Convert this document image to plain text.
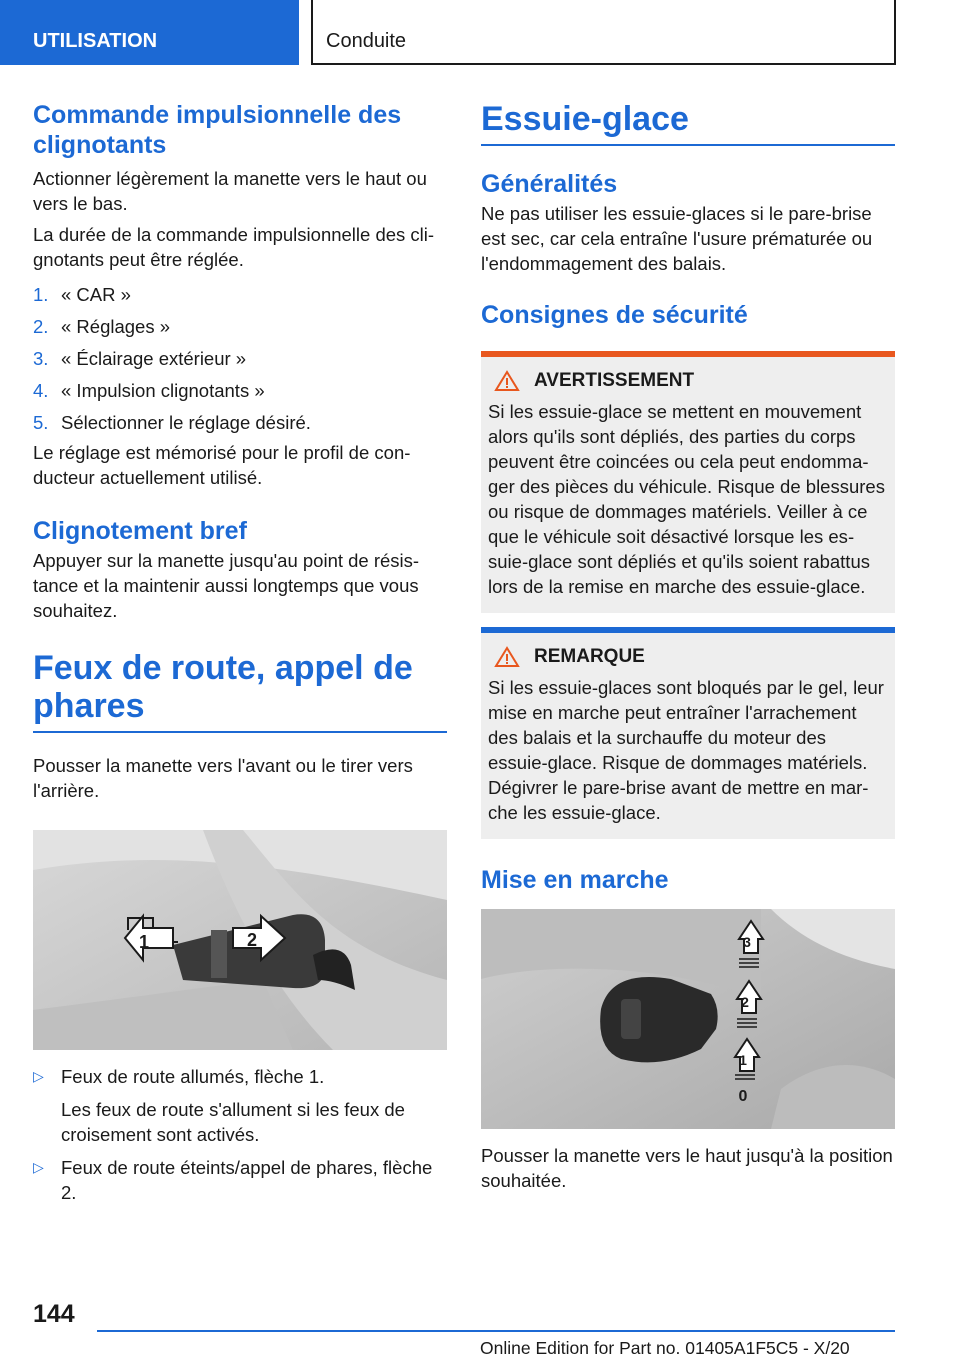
UTILISATION	Conduite
Commande impulsionnelle des clignotants

Actionner légèrement la manette vers le haut ou vers le bas.

La durée de la commande impulsionnelle des clignotants peut être réglée.

1. « CAR »
2. « Réglages »
3. « Éclairage extérieur »
4. « Impulsion clignotants »
5. Sélectionner le réglage désiré.

Le réglage est mémorisé pour le profil de conducteur actuellement utilisé.

Clignotement bref

Appuyer sur la manette jusqu'au point de résistance et la maintenir aussi longtemps que vous souhaitez.

Feux de route, appel de phares

Pousser la manette vers l'avant ou le tirer vers l'arrière.

1	2
▷ Feux de route allumés, flèche 1.
Les feux de route s'allument si les feux de croisement sont activés.
▷ Feux de route éteints/appel de phares, flèche 2.
Essuie-glace
Généralités

Ne pas utiliser les essuie-glaces si le pare-brise est sec, car cela entraîne l'usure prématurée ou l'endommagement des balais.

Consignes de sécurité
AVERTISSEMENT

Si les essuie-glace se mettent en mouvement alors qu'ils sont dépliés, des parties du corps peuvent être coincées ou cela peut endommager des pièces du véhicule. Risque de blessures ou risque de dommages matériels. Veiller à ce que le véhicule soit désactivé lorsque les essuie-glace sont dépliés et qu'ils soient rabattus lors de la remise en marche des essuie-glace.

REMARQUE

Si les essuie-glaces sont bloqués par le gel, leur mise en marche peut entraîner l'arrachement des balais et la surchauffe du moteur des essuie-glace. Risque de dommages matériels. Dégivrer le pare-brise avant de mettre en marche les essuie-glace.

Mise en marche
3
2
1
0

Pousser la manette vers le haut jusqu'à la position souhaitée.

144
Online Edition for Part no. 01405A1F5C5 - X/20
